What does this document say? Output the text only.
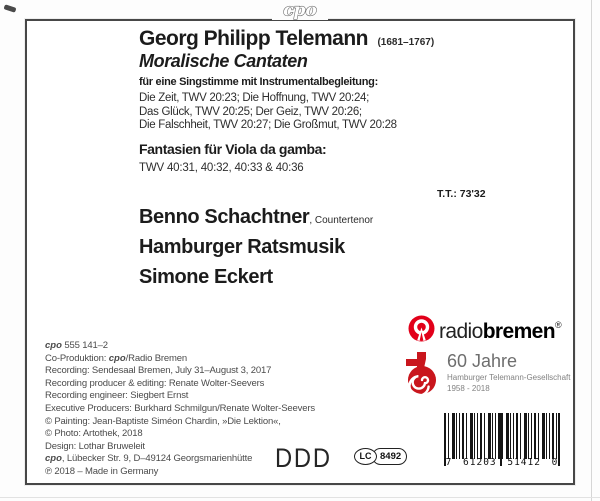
cpo
Georg Philipp Telemann (1681–1767)
Moralische Cantaten
für eine Singstimme mit Instrumentalbegleitung:
Die Zeit, TWV 20:23; Die Hoffnung, TWV 20:24;
Das Glück, TWV 20:25; Der Geiz, TWV 20:26;
Die Falschheit, TWV 20:27; Die Großmut, TWV 20:28
Fantasien für Viola da gamba:
TWV 40:31, 40:32, 40:33 & 40:36
T.T.: 73'32
Benno Schachtner, Countertenor
Hamburger Ratsmusik
Simone Eckert
cpo 555 141–2
Co-Produktion: cpo/Radio Bremen
Recording: Sendesaal Bremen, July 31–August 3, 2017
Recording producer & editing: Renate Wolter-Seevers
Recording engineer: Siegbert Ernst
Executive Producers: Burkhard Schmilgun/Renate Wolter-Seevers
© Painting: Jean-Baptiste Siméon Chardin, »Die Lektion«,
© Photo: Artothek, 2018
Design: Lothar Bruweleit
cpo, Lübecker Str. 9, D–49124 Georgsmarienhütte
℗ 2018 – Made in Germany
radiobremen®
60 Jahre
Hamburger Telemann-Gesellschaft
1958 - 2018
DDD	LC 8492
7 61203 51412 0
